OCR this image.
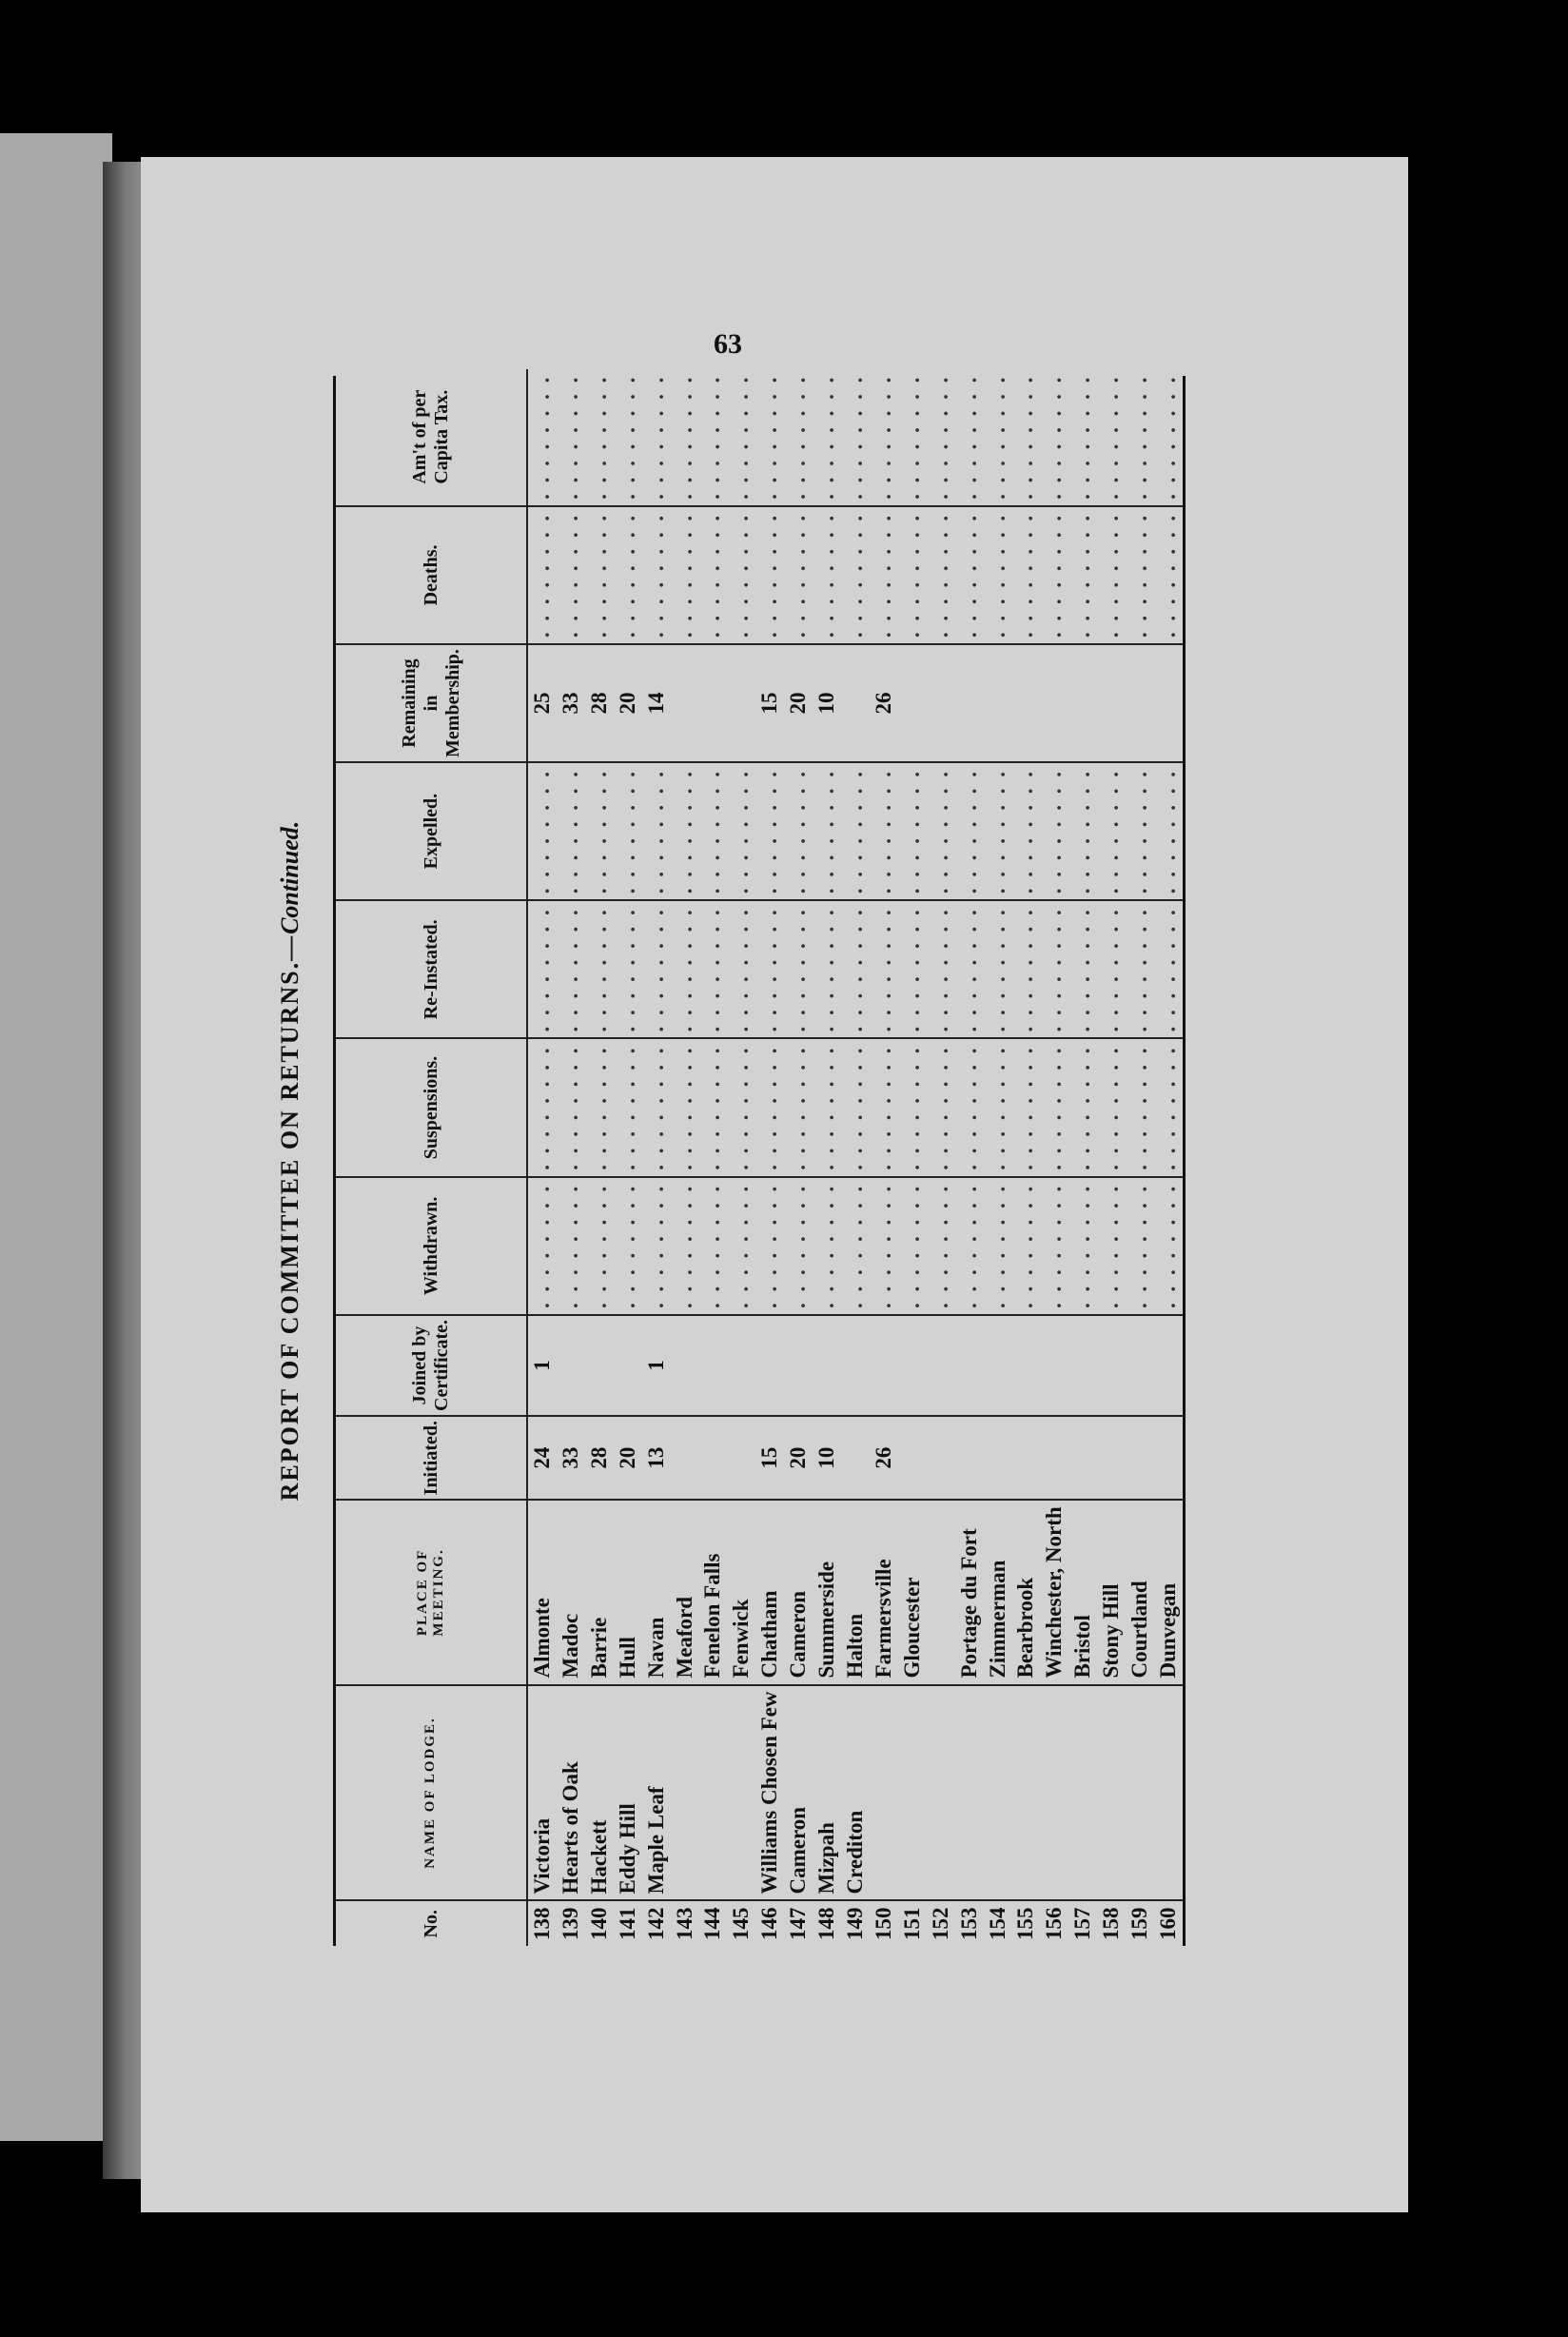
63
REPORT OF COMMITTEE ON RETURNS.—Continued.
No.	NAME OF LODGE.	PLACE OF MEETING.	Initiated.	Joined by Certificate.	Withdrawn.	Suspensions.	Re-Instated.	Expelled.	Remaining in Membership.	Deaths.	Am't of per Capita Tax.
138	Victoria	Almonte	24	1	. . . . . . . .	. . . . . . . .	. . . . . . . .	. . . . . . . .	25	. . . . . . . .	. . . . . . . .
139	Hearts of Oak	Madoc	33		. . . . . . . .	. . . . . . . .	. . . . . . . .	. . . . . . . .	33	. . . . . . . .	. . . . . . . .
140	Hackett	Barrie	28		. . . . . . . .	. . . . . . . .	. . . . . . . .	. . . . . . . .	28	. . . . . . . .	. . . . . . . .
141	Eddy Hill	Hull	20		. . . . . . . .	. . . . . . . .	. . . . . . . .	. . . . . . . .	20	. . . . . . . .	. . . . . . . .
142	Maple Leaf	Navan	13	1	. . . . . . . .	. . . . . . . .	. . . . . . . .	. . . . . . . .	14	. . . . . . . .	. . . . . . . .
143		Meaford			. . . . . . . .	. . . . . . . .	. . . . . . . .	. . . . . . . .		. . . . . . . .	. . . . . . . .
144		Fenelon Falls			. . . . . . . .	. . . . . . . .	. . . . . . . .	. . . . . . . .		. . . . . . . .	. . . . . . . .
145		Fenwick			. . . . . . . .	. . . . . . . .	. . . . . . . .	. . . . . . . .		. . . . . . . .	. . . . . . . .
146	Williams Chosen Few	Chatham	15		. . . . . . . .	. . . . . . . .	. . . . . . . .	. . . . . . . .	15	. . . . . . . .	. . . . . . . .
147	Cameron	Cameron	20		. . . . . . . .	. . . . . . . .	. . . . . . . .	. . . . . . . .	20	. . . . . . . .	. . . . . . . .
148	Mizpah	Summerside	10		. . . . . . . .	. . . . . . . .	. . . . . . . .	. . . . . . . .	10	. . . . . . . .	. . . . . . . .
149	Crediton	Halton			. . . . . . . .	. . . . . . . .	. . . . . . . .	. . . . . . . .		. . . . . . . .	. . . . . . . .
150		Farmersville	26		. . . . . . . .	. . . . . . . .	. . . . . . . .	. . . . . . . .	26	. . . . . . . .	. . . . . . . .
151		Gloucester			. . . . . . . .	. . . . . . . .	. . . . . . . .	. . . . . . . .		. . . . . . . .	. . . . . . . .
152					. . . . . . . .	. . . . . . . .	. . . . . . . .	. . . . . . . .		. . . . . . . .	. . . . . . . .
153		Portage du Fort			. . . . . . . .	. . . . . . . .	. . . . . . . .	. . . . . . . .		. . . . . . . .	. . . . . . . .
154		Zimmerman			. . . . . . . .	. . . . . . . .	. . . . . . . .	. . . . . . . .		. . . . . . . .	. . . . . . . .
155		Bearbrook			. . . . . . . .	. . . . . . . .	. . . . . . . .	. . . . . . . .		. . . . . . . .	. . . . . . . .
156		Winchester, North			. . . . . . . .	. . . . . . . .	. . . . . . . .	. . . . . . . .		. . . . . . . .	. . . . . . . .
157		Bristol			. . . . . . . .	. . . . . . . .	. . . . . . . .	. . . . . . . .		. . . . . . . .	. . . . . . . .
158		Stony Hill			. . . . . . . .	. . . . . . . .	. . . . . . . .	. . . . . . . .		. . . . . . . .	. . . . . . . .
159		Courtland			. . . . . . . .	. . . . . . . .	. . . . . . . .	. . . . . . . .		. . . . . . . .	. . . . . . . .
160		Dunvegan			. . . . . . . .	. . . . . . . .	. . . . . . . .	. . . . . . . .		. . . . . . . .	. . . . . . . .
